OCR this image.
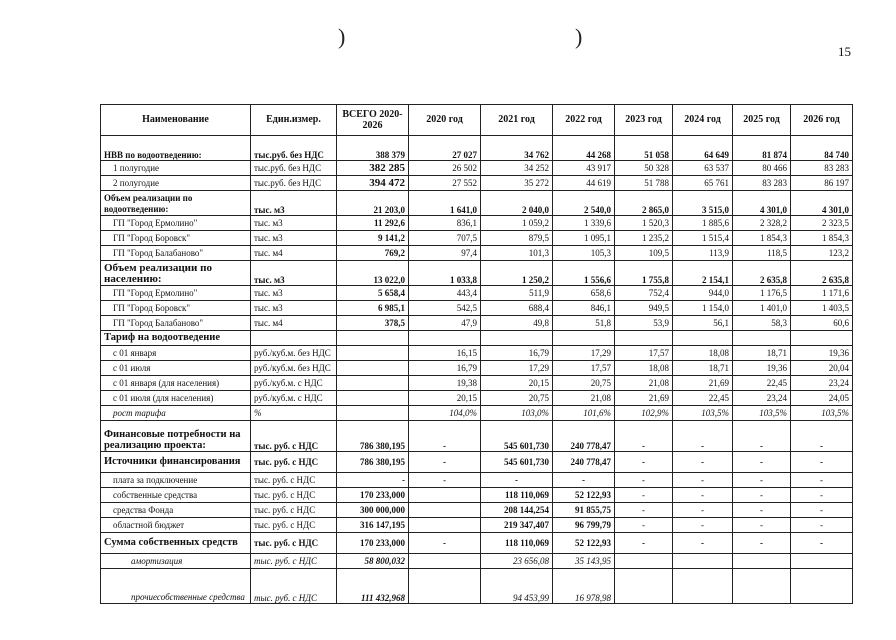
)	)
15
Наименование	Един.измер.	ВСЕГО 2020-2026	2020 год	2021 год	2022 год	2023 год	2024 год	2025 год	2026 год
НВВ по водоотведению:	тыс.руб. без НДС	388 379	27 027	34 762	44 268	51 058	64 649	81 874	84 740
1 полугодие	тыс.руб. без НДС	382 285	26 502	34 252	43 917	50 328	63 537	80 466	83 283
2 полугодие	тыс.руб. без НДС	394 472	27 552	35 272	44 619	51 788	65 761	83 283	86 197
Объем реализации по водоотведению:	тыс. м3	21 203,0	1 641,0	2 040,0	2 540,0	2 865,0	3 515,0	4 301,0	4 301,0
ГП "Город Ермолино"	тыс. м3	11 292,6	836,1	1 059,2	1 339,6	1 520,3	1 885,6	2 328,2	2 323,5
ГП "Город Боровск"	тыс. м3	9 141,2	707,5	879,5	1 095,1	1 235,2	1 515,4	1 854,3	1 854,3
ГП "Город Балабаново"	тыс. м4	769,2	97,4	101,3	105,3	109,5	113,9	118,5	123,2
Объем реализации по населению:	тыс. м3	13 022,0	1 033,8	1 250,2	1 556,6	1 755,8	2 154,1	2 635,8	2 635,8
ГП "Город Ермолино"	тыс. м3	5 658,4	443,4	511,9	658,6	752,4	944,0	1 176,5	1 171,6
ГП "Город Боровск"	тыс. м3	6 985,1	542,5	688,4	846,1	949,5	1 154,0	1 401,0	1 403,5
ГП "Город Балабаново"	тыс. м4	378,5	47,9	49,8	51,8	53,9	56,1	58,3	60,6
Тариф на водоотведение									
с 01 января	руб./куб.м. без НДС		16,15	16,79	17,29	17,57	18,08	18,71	19,36
с 01 июля	руб./куб.м. без НДС		16,79	17,29	17,57	18,08	18,71	19,36	20,04
с 01 января (для населения)	руб./куб.м. с НДС		19,38	20,15	20,75	21,08	21,69	22,45	23,24
с 01 июля (для населения)	руб./куб.м. с НДС		20,15	20,75	21,08	21,69	22,45	23,24	24,05
рост тарифа	%		104,0%	103,0%	101,6%	102,9%	103,5%	103,5%	103,5%
Финансовые потребности на реализацию проекта:	тыс. руб. с НДС	786 380,195	-	545 601,730	240 778,47	-	-	-	-
Источники финансирования	тыс. руб. с НДС	786 380,195	-	545 601,730	240 778,47	-	-	-	-
плата за подключение	тыс. руб. с НДС	-	-	-	-	-	-	-	-
собственные средства	тыс. руб. с НДС	170 233,000		118 110,069	52 122,93	-	-	-	-
средства Фонда	тыс. руб. с НДС	300 000,000		208 144,254	91 855,75	-	-	-	-
областной бюджет	тыс. руб. с НДС	316 147,195		219 347,407	96 799,79	-	-	-	-
Сумма собственных средств	тыс. руб. с НДС	170 233,000	-	118 110,069	52 122,93	-	-	-	-
амортизация	тыс. руб. с НДС	58 800,032		23 656,08	35 143,95				
прочиесобственные средства	тыс. руб. с НДС	111 432,968		94 453,99	16 978,98				
